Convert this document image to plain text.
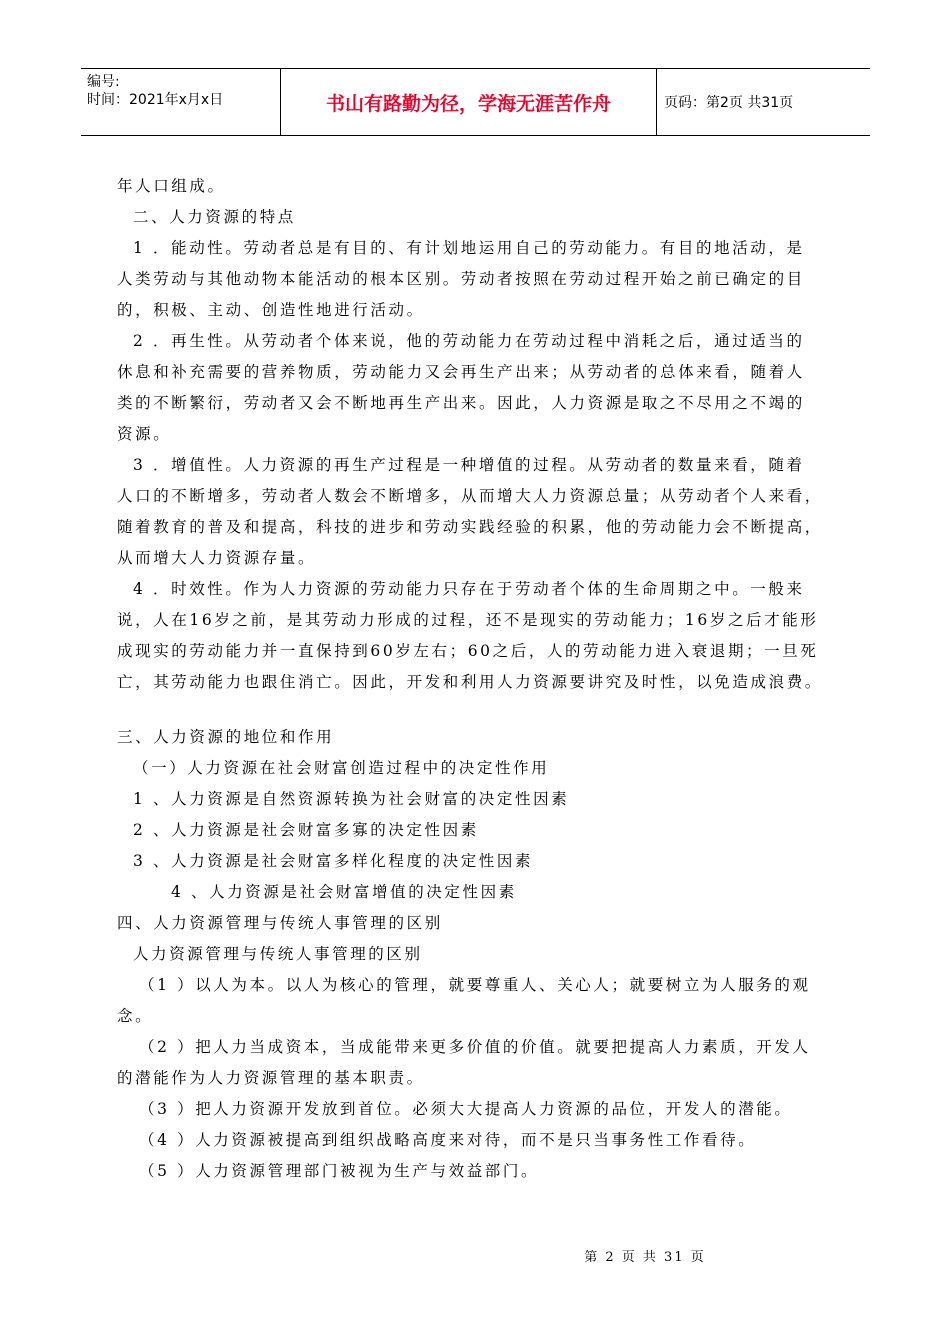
编号:
时间：2021年x月x日	书山有路勤为径，学海无涯苦作舟	页码：第2页 共31页
年人口组成。
二、人力资源的特点
1 ．能动性。劳动者总是有目的、有计划地运用自己的劳动能力。有目的地活动，是
人类劳动与其他动物本能活动的根本区别。劳动者按照在劳动过程开始之前已确定的目
的，积极、主动、创造性地进行活动。
2 ．再生性。从劳动者个体来说，他的劳动能力在劳动过程中消耗之后，通过适当的
休息和补充需要的营养物质，劳动能力又会再生产出来；从劳动者的总体来看，随着人
类的不断繁衍，劳动者又会不断地再生产出来。因此，人力资源是取之不尽用之不竭的
资源。
3 ．增值性。人力资源的再生产过程是一种增值的过程。从劳动者的数量来看，随着
人口的不断增多，劳动者人数会不断增多，从而增大人力资源总量；从劳动者个人来看，
随着教育的普及和提高，科技的进步和劳动实践经验的积累，他的劳动能力会不断提高，
从而增大人力资源存量。
4 ．时效性。作为人力资源的劳动能力只存在于劳动者个体的生命周期之中。一般来
说，人在16岁之前，是其劳动力形成的过程，还不是现实的劳动能力；16岁之后才能形
成现实的劳动能力并一直保持到60岁左右；60之后，人的劳动能力进入衰退期；一旦死
亡，其劳动能力也跟住消亡。因此，开发和利用人力资源要讲究及时性，以免造成浪费。
三、人力资源的地位和作用
（一）人力资源在社会财富创造过程中的决定性作用
1 、人力资源是自然资源转换为社会财富的决定性因素
2 、人力资源是社会财富多寡的决定性因素
3 、人力资源是社会财富多样化程度的决定性因素
4 、人力资源是社会财富增值的决定性因素
四、人力资源管理与传统人事管理的区别
人力资源管理与传统人事管理的区别
（1 ）以人为本。以人为核心的管理，就要尊重人、关心人；就要树立为人服务的观
念。
（2 ）把人力当成资本，当成能带来更多价值的价值。就要把提高人力素质，开发人
的潜能作为人力资源管理的基本职责。
（3 ）把人力资源开发放到首位。必须大大提高人力资源的品位，开发人的潜能。
（4 ）人力资源被提高到组织战略高度来对待，而不是只当事务性工作看待。
（5 ）人力资源管理部门被视为生产与效益部门。
第 2 页 共 31 页
